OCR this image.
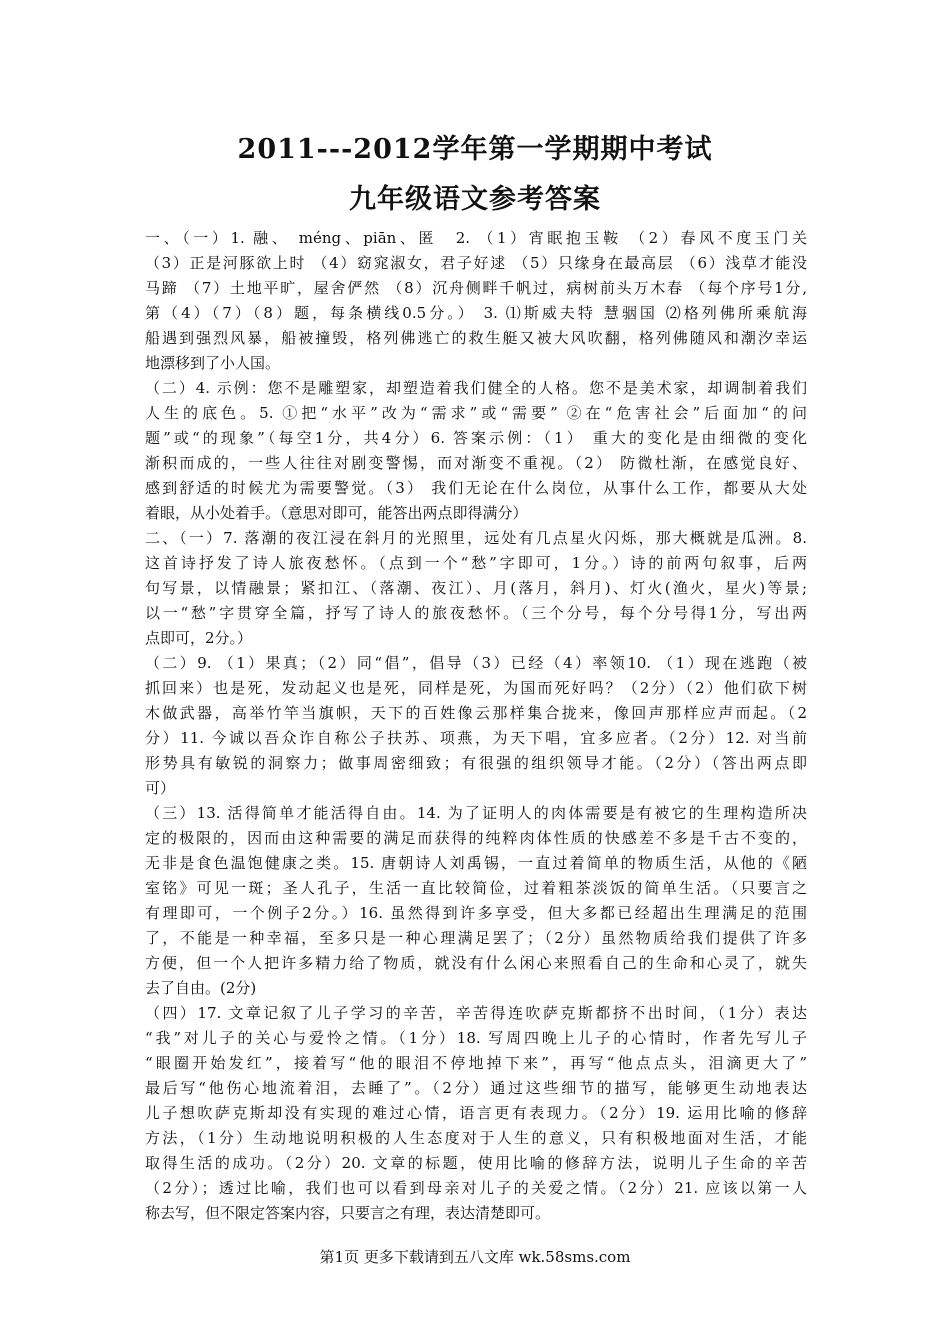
2011---2012学年第一学期期中考试
九年级语文参考答案
一、（一）1. 融、 méng、piān、匿　2. （1）宵眠抱玉鞍 （2）春风不度玉门关
（3）正是河豚欲上时 （4）窈窕淑女，君子好逑 （5）只缘身在最高层 （6）浅草才能没
马蹄 （7）土地平旷，屋舍俨然 （8）沉舟侧畔千帆过，病树前头万木春 （每个序号1分,
第（4）（7）（8）题，每条横线0.5分。） 3. ⑴斯威夫特 慧骃国 ⑵格列佛所乘航海
船遇到强烈风暴，船被撞毁，格列佛逃亡的救生艇又被大风吹翻，格列佛随风和潮汐幸运
地漂移到了小人国。
（二）4. 示例：您不是雕塑家，却塑造着我们健全的人格。您不是美术家，却调制着我们
人生的底色。5. ①把“水平”改为“需求”或“需要” ②在“危害社会”后面加“的问
题”或“的现象”（每空1分，共4分）6. 答案示例：（1） 重大的变化是由细微的变化
渐积而成的，一些人往往对剧变警惕，而对渐变不重视。（2） 防微杜渐，在感觉良好、
感到舒适的时候尤为需要警觉。（3） 我们无论在什么岗位，从事什么工作，都要从大处
着眼，从小处着手。（意思对即可，能答出两点即得满分）
二、（一）7. 落潮的夜江浸在斜月的光照里，远处有几点星火闪烁，那大概就是瓜洲。8.
这首诗抒发了诗人旅夜愁怀。（点到一个“愁”字即可，1分。）诗的前两句叙事，后两
句写景，以情融景；紧扣江、（落潮、夜江）、月(落月，斜月)、灯火(渔火，星火)等景;
以一“愁”字贯穿全篇，抒写了诗人的旅夜愁怀。（三个分号，每个分号得1分，写出两
点即可，2分。）
（二）9. （1）果真；（2）同“倡”，倡导（3）已经（4）率领10. （1）现在逃跑（被
抓回来）也是死，发动起义也是死，同样是死，为国而死好吗？（2分）（2）他们砍下树
木做武器，高举竹竿当旗帜，天下的百姓像云那样集合拢来，像回声那样应声而起。（2
分）11. 今诚以吾众诈自称公子扶苏、项燕，为天下唱，宜多应者。（2分）12. 对当前
形势具有敏锐的洞察力；做事周密细致；有很强的组织领导才能。（2分）（答出两点即
可）
（三）13. 活得简单才能活得自由。14. 为了证明人的肉体需要是有被它的生理构造所决
定的极限的，因而由这种需要的满足而获得的纯粹肉体性质的快感差不多是千古不变的，
无非是食色温饱健康之类。15. 唐朝诗人刘禹锡，一直过着简单的物质生活，从他的《陋
室铭》可见一斑；圣人孔子，生活一直比较简俭，过着粗茶淡饭的简单生活。（只要言之
有理即可，一个例子2分。）16. 虽然得到许多享受，但大多都已经超出生理满足的范围
了，不能是一种幸福，至多只是一种心理满足罢了；（2分）虽然物质给我们提供了许多
方便，但一个人把许多精力给了物质，就没有什么闲心来照看自己的生命和心灵了，就失
去了自由。(2分)
（四）17. 文章记叙了儿子学习的辛苦，辛苦得连吹萨克斯都挤不出时间，（1分）表达
“我”对儿子的关心与爱怜之情。（1分）18. 写周四晚上儿子的心情时，作者先写儿子
“眼圈开始发红”，接着写“他的眼泪不停地掉下来”，再写“他点点头，泪滴更大了”
最后写“他伤心地流着泪，去睡了”。（2分）通过这些细节的描写，能够更生动地表达
儿子想吹萨克斯却没有实现的难过心情，语言更有表现力。（2分）19. 运用比喻的修辞
方法，（1分）生动地说明积极的人生态度对于人生的意义，只有积极地面对生活，才能
取得生活的成功。（2分）20. 文章的标题，使用比喻的修辞方法，说明儿子生命的辛苦
（2分）；透过比喻，我们也可以看到母亲对儿子的关爱之情。（2分）21. 应该以第一人
称去写，但不限定答案内容，只要言之有理，表达清楚即可。
第1页 更多下载请到五八文库 wk.58sms.com
